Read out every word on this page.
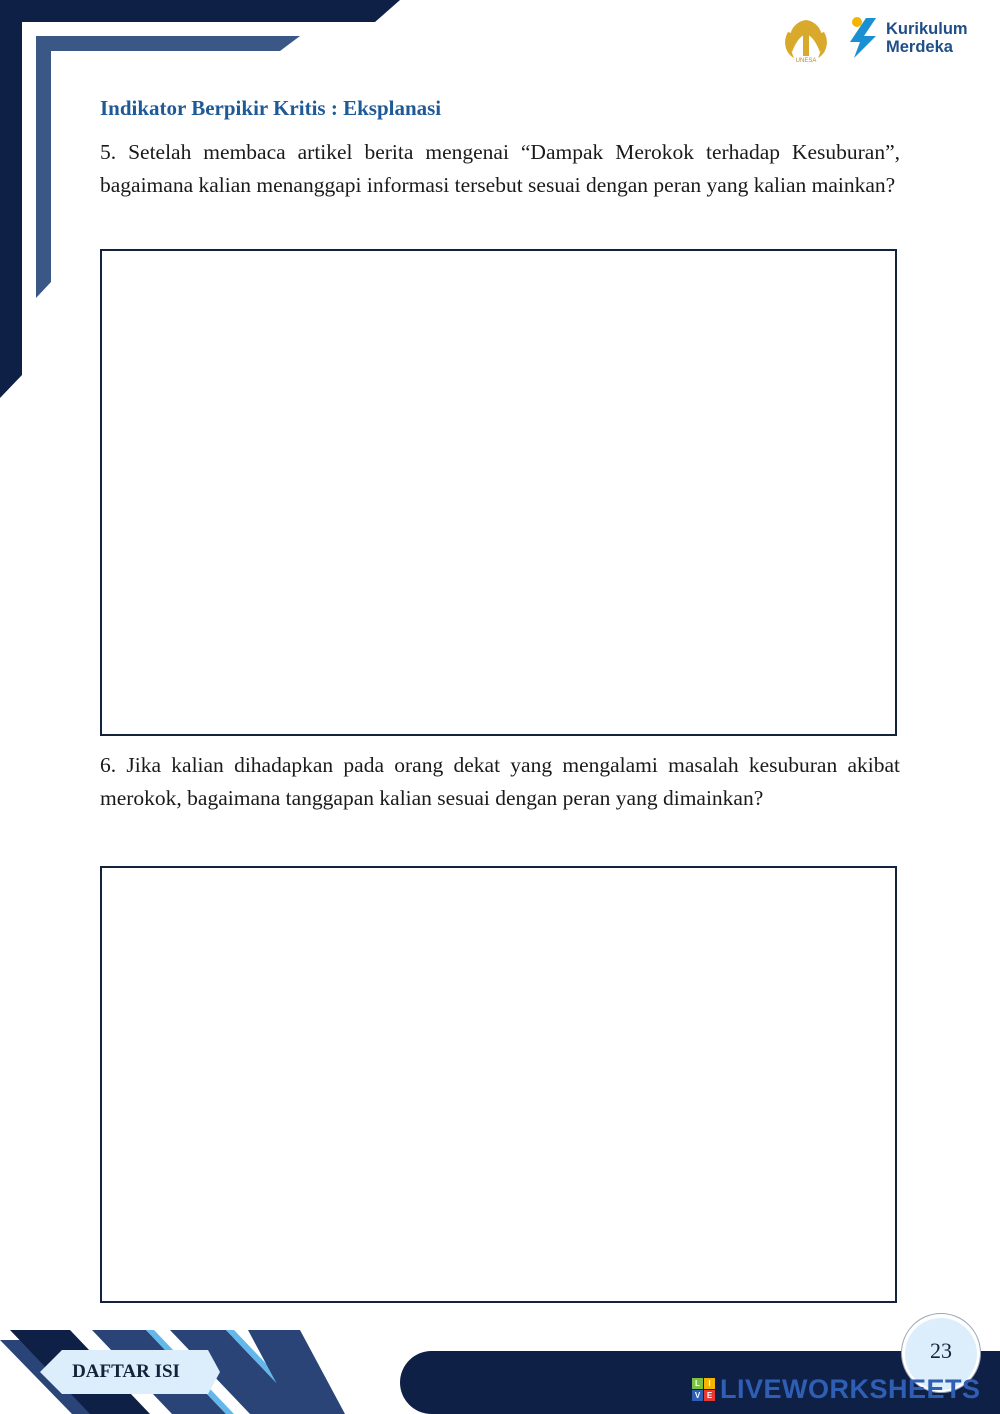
UNESA
Kurikulum
Merdeka
Indikator Berpikir Kritis : Eksplanasi
5. Setelah membaca artikel berita mengenai “Dampak Merokok terhadap Kesuburan”, bagaimana kalian menanggapi informasi tersebut sesuai dengan peran yang kalian mainkan?
6. Jika kalian dihadapkan pada orang dekat yang mengalami masalah kesuburan akibat merokok, bagaimana tanggapan kalian sesuai dengan peran yang dimainkan?
DAFTAR ISI
23
L	I
V E LIVEWORKSHEETS
